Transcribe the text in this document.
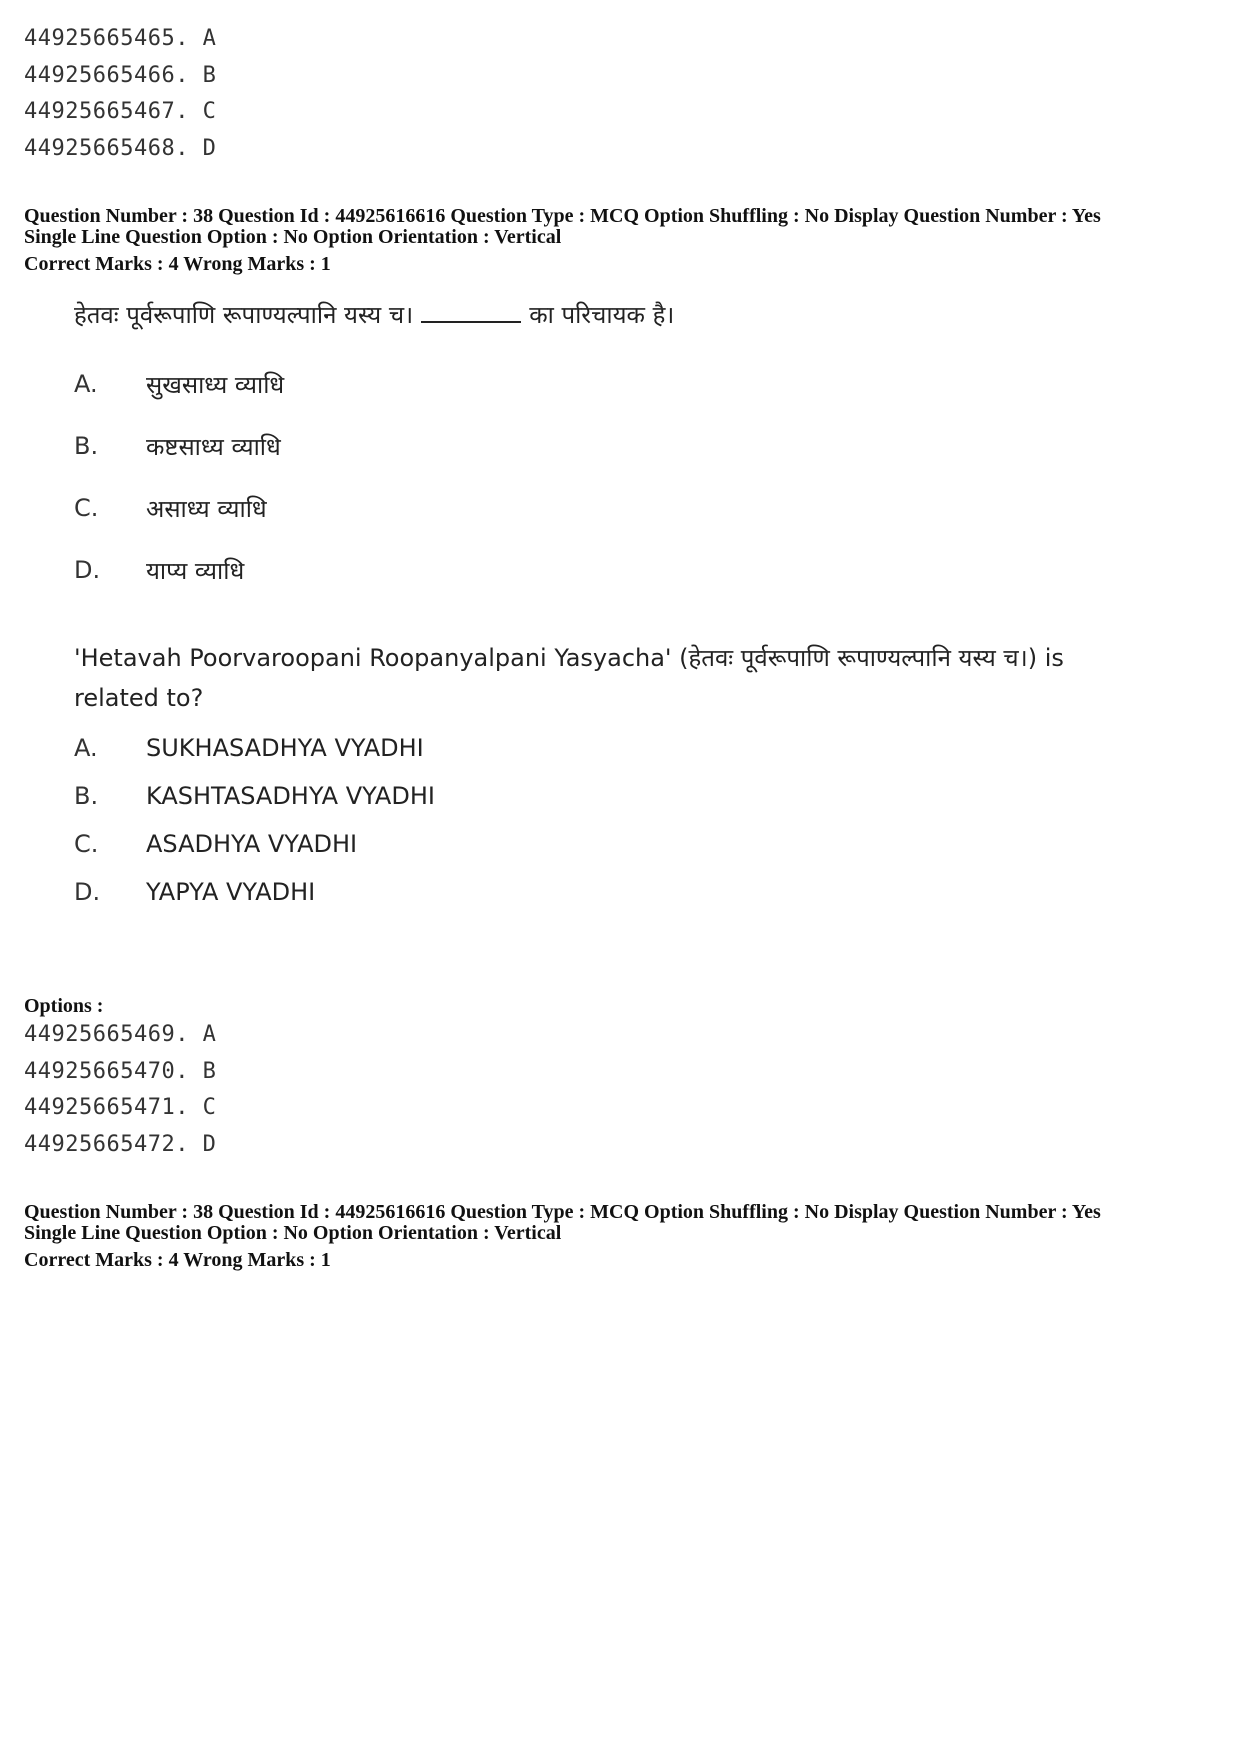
44925665465. A
44925665466. B
44925665467. C
44925665468. D
Question Number : 38 Question Id : 44925616616 Question Type : MCQ Option Shuffling : No Display Question Number : Yes
Single Line Question Option : No Option Orientation : Vertical
Correct Marks : 4 Wrong Marks : 1
हेतवः पूर्वरूपाणि रूपाण्यल्पानि यस्य च।	का परिचायक है।
A.	सुखसाध्य व्याधि
B.	कष्टसाध्य व्याधि
C.	असाध्य व्याधि
D.	याप्य व्याधि
'Hetavah Poorvaroopani Roopanyalpani Yasyacha' (हेतवः पूर्वरूपाणि रूपाण्यल्पानि यस्य च।) is related to?
A.	SUKHASADHYA VYADHI
B.	KASHTASADHYA VYADHI
C.	ASADHYA VYADHI
D.	YAPYA VYADHI
Options :
44925665469. A
44925665470. B
44925665471. C
44925665472. D
Question Number : 38 Question Id : 44925616616 Question Type : MCQ Option Shuffling : No Display Question Number : Yes
Single Line Question Option : No Option Orientation : Vertical
Correct Marks : 4 Wrong Marks : 1
